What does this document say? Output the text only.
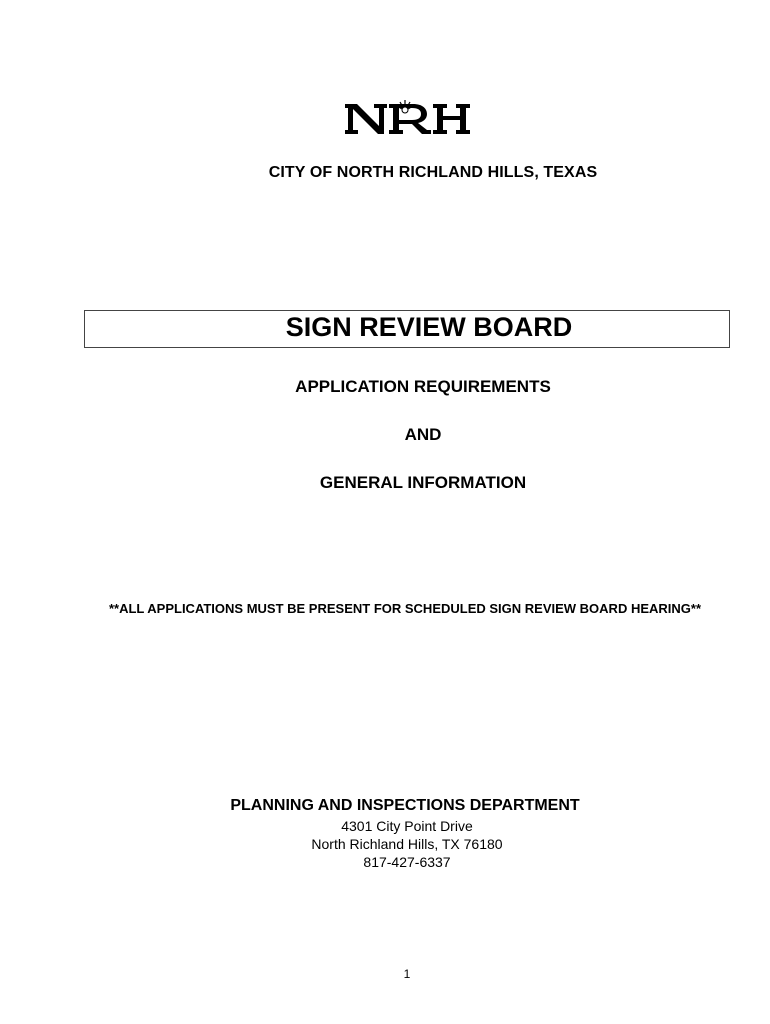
CITY OF NORTH RICHLAND HILLS, TEXAS
SIGN REVIEW BOARD
APPLICATION REQUIREMENTS
AND
GENERAL INFORMATION
**ALL APPLICATIONS MUST BE PRESENT FOR SCHEDULED SIGN REVIEW BOARD HEARING**
PLANNING AND INSPECTIONS DEPARTMENT
4301 City Point Drive
North Richland Hills, TX 76180
817-427-6337
1
